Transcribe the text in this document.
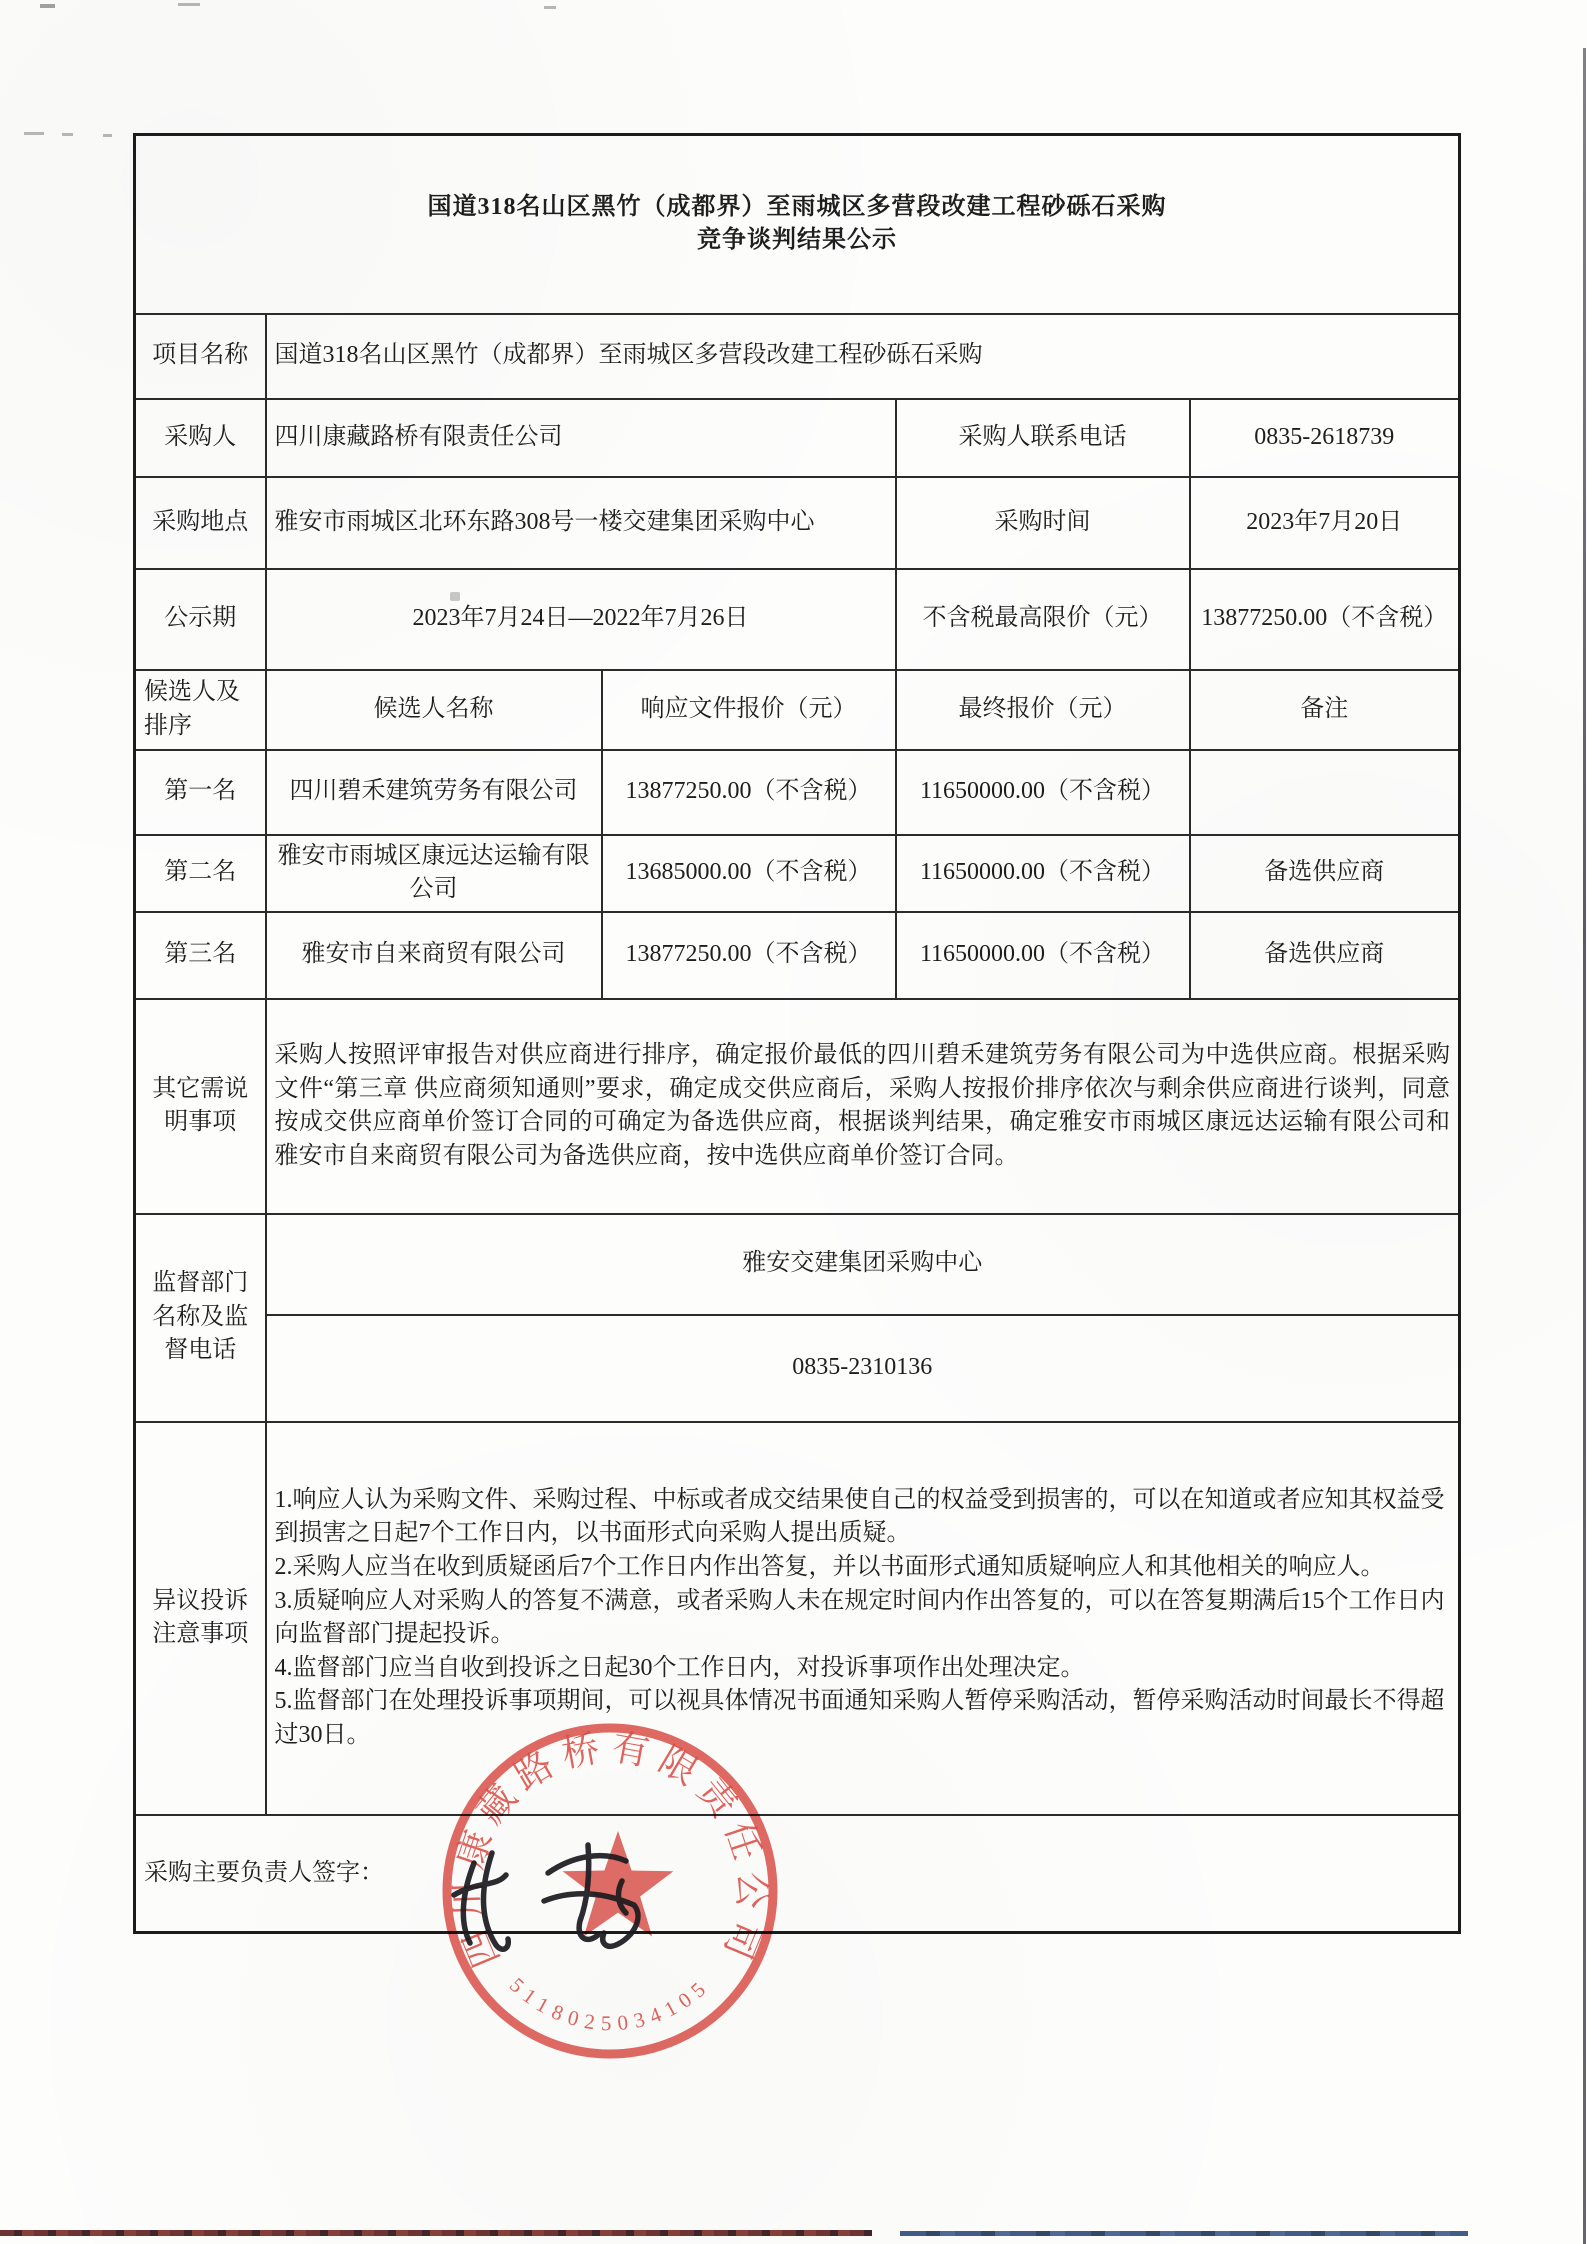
国道318名山区黑竹（成都界）至雨城区多营段改建工程砂砾石采购
竞争谈判结果公示				

项目名称	国道318名山区黑竹（成都界）至雨城区多营段改建工程砂砾石采购			
采购人	四川康藏路桥有限责任公司		采购人联系电话	0835-2618739
采购地点	雅安市雨城区北环东路308号一楼交建集团采购中心		采购时间	2023年7月20日
公示期	2023年7月24日—2022年7月26日		不含税最高限价（元）	13877250.00（不含税）
候选人及排序	候选人名称	响应文件报价（元）	最终报价（元）	备注
第一名	四川碧禾建筑劳务有限公司	13877250.00（不含税）	11650000.00（不含税）	
第二名	雅安市雨城区康远达运输有限公司	13685000.00（不含税）	11650000.00（不含税）	备选供应商
第三名	雅安市自来商贸有限公司	13877250.00（不含税）	11650000.00（不含税）	备选供应商
其它需说明事项	采购人按照评审报告对供应商进行排序，确定报价最低的四川碧禾建筑劳务有限公司为中选供应商。根据采购文件“第三章 供应商须知通则”要求，确定成交供应商后，采购人按报价排序依次与剩余供应商进行谈判，同意按成交供应商单价签订合同的可确定为备选供应商，根据谈判结果，确定雅安市雨城区康远达运输有限公司和雅安市自来商贸有限公司为备选供应商，按中选供应商单价签订合同。			
监督部门名称及监督电话	雅安交建集团采购中心			
	0835-2310136			
异议投诉注意事项	1.响应人认为采购文件、采购过程、中标或者成交结果使自己的权益受到损害的，可以在知道或者应知其权益受到损害之日起7个工作日内，以书面形式向采购人提出质疑。
2.采购人应当在收到质疑函后7个工作日内作出答复，并以书面形式通知质疑响应人和其他相关的响应人。
3.质疑响应人对采购人的答复不满意，或者采购人未在规定时间内作出答复的，可以在答复期满后15个工作日内向监督部门提起投诉。
4.监督部门应当自收到投诉之日起30个工作日内，对投诉事项作出处理决定。
5.监督部门在处理投诉事项期间，可以视具体情况书面通知采购人暂停采购活动，暂停采购活动时间最长不得超过30日。			

采购主要负责人签字：				
四川康藏路桥有限责任公司
5118025034105
